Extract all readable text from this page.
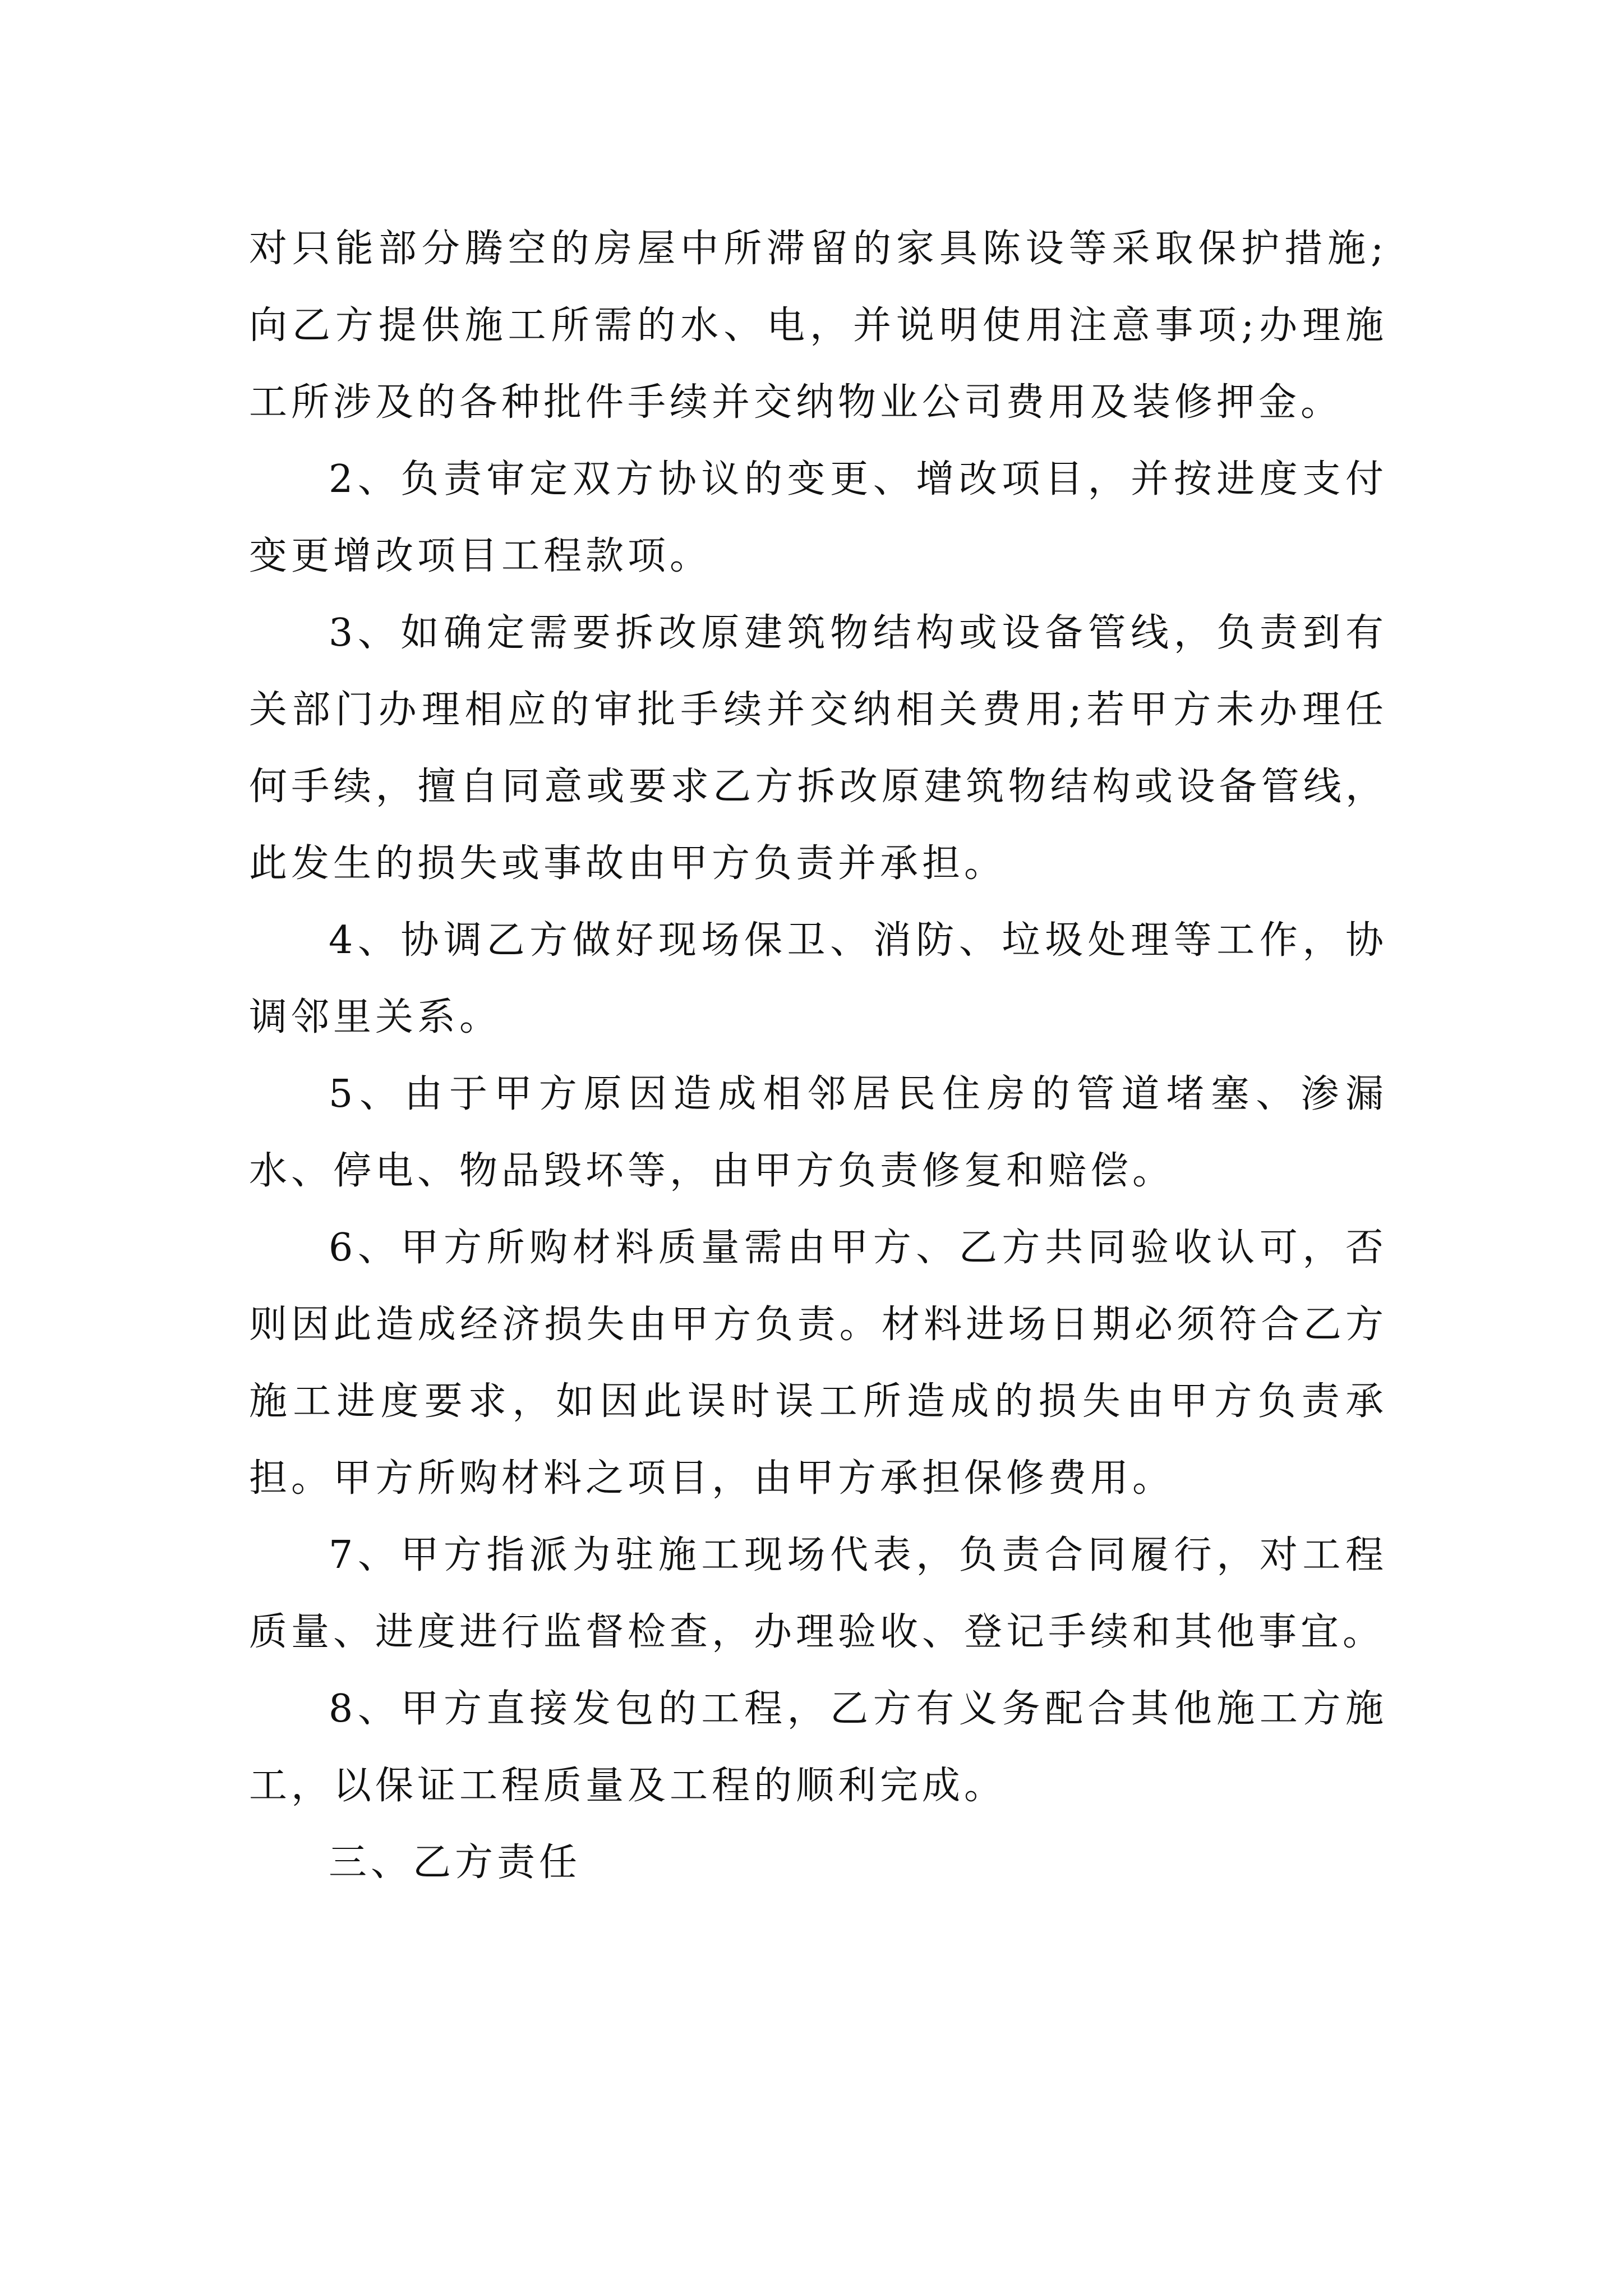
对只能部分腾空的房屋中所滞留的家具陈设等采取保护措施;向乙方提供施工所需的水、电，并说明使用注意事项;办理施工所涉及的各种批件手续并交纳物业公司费用及装修押金。

2、负责审定双方协议的变更、增改项目，并按进度支付变更增改项目工程款项。

3、如确定需要拆改原建筑物结构或设备管线，负责到有关部门办理相应的审批手续并交纳相关费用;若甲方未办理任何手续，擅自同意或要求乙方拆改原建筑物结构或设备管线，此发生的损失或事故由甲方负责并承担。

4、协调乙方做好现场保卫、消防、垃圾处理等工作，协调邻里关系。

5、由于甲方原因造成相邻居民住房的管道堵塞、渗漏水、停电、物品毁坏等，由甲方负责修复和赔偿。

6、甲方所购材料质量需由甲方、乙方共同验收认可，否则因此造成经济损失由甲方负责。材料进场日期必须符合乙方施工进度要求，如因此误时误工所造成的损失由甲方负责承担。甲方所购材料之项目，由甲方承担保修费用。

7、甲方指派为驻施工现场代表，负责合同履行，对工程质量、进度进行监督检查，办理验收、登记手续和其他事宜。

8、甲方直接发包的工程，乙方有义务配合其他施工方施工，以保证工程质量及工程的顺利完成。

三、乙方责任
